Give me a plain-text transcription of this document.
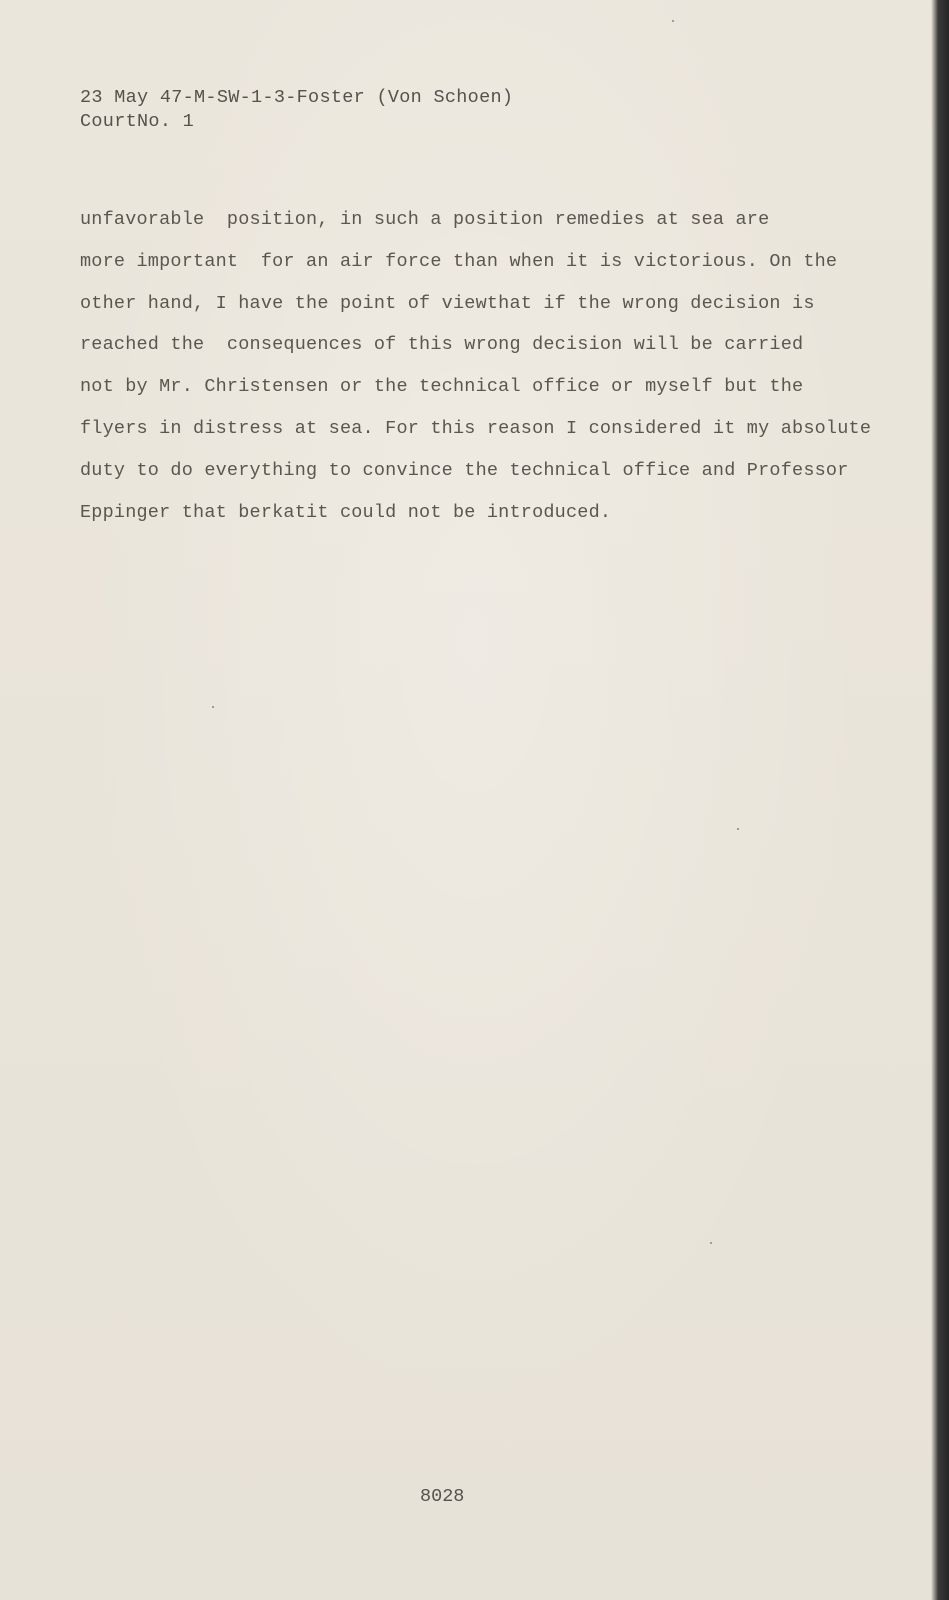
23 May 47-M-SW-1-3-Foster (Von Schoen)
CourtNo. 1
unfavorable  position, in such a position remedies at sea are
more important  for an air force than when it is victorious. On the
other hand, I have the point of viewthat if the wrong decision is
reached the  consequences of this wrong decision will be carried
not by Mr. Christensen or the technical office or myself but the
flyers in distress at sea. For this reason I considered it my absolute
duty to do everything to convince the technical office and Professor
Eppinger that berkatit could not be introduced.
8028
